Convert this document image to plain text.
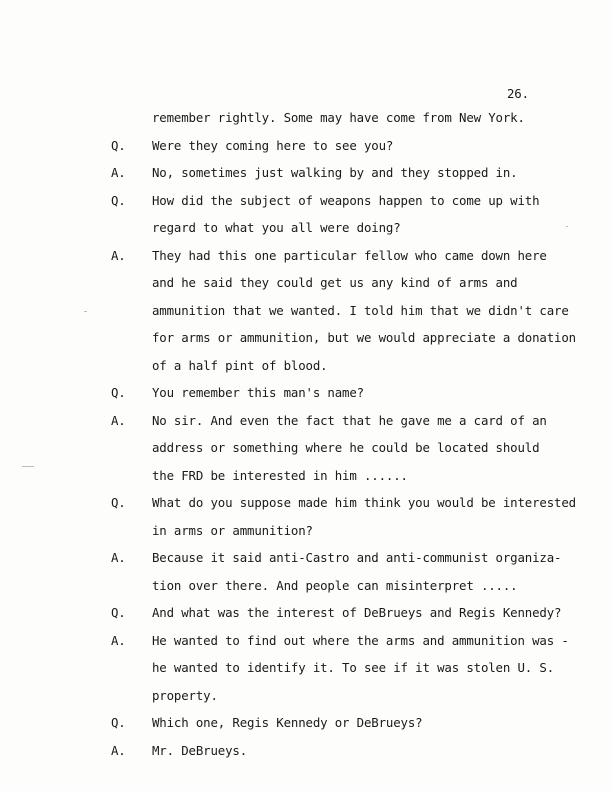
26.
remember rightly. Some may have come from New York.
Q. Were they coming here to see you?
A. No, sometimes just walking by and they stopped in.
Q. How did the subject of weapons happen to come up with
regard to what you all were doing?
A. They had this one particular fellow who came down here
and he said they could get us any kind of arms and
ammunition that we wanted. I told him that we didn't care
for arms or ammunition, but we would appreciate a donation
of a half pint of blood.
Q. You remember this man's name?
A. No sir. And even the fact that he gave me a card of an
address or something where he could be located should
the FRD be interested in him ......
Q. What do you suppose made him think you would be interested
in arms or ammunition?
A. Because it said anti-Castro and anti-communist organiza-
tion over there. And people can misinterpret .....
Q. And what was the interest of DeBrueys and Regis Kennedy?
A. He wanted to find out where the arms and ammunition was -
he wanted to identify it. To see if it was stolen U. S.
property.
Q. Which one, Regis Kennedy or DeBrueys?
A. Mr. DeBrueys.
